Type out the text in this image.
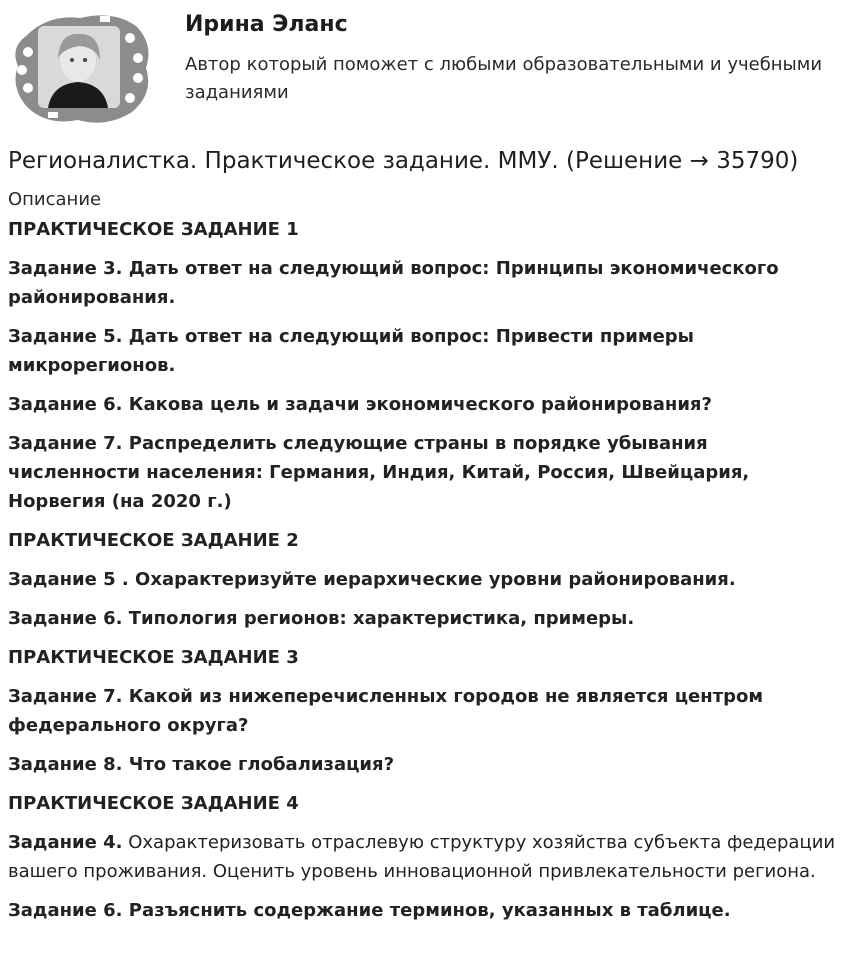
Ирина Эланс

Автор который поможет с любыми образовательными и учебными заданиями

Регионалистка. Практическое задание. ММУ. (Решение → 35790)
Описание

ПРАКТИЧЕСКОЕ ЗАДАНИЕ 1

Задание 3. Дать ответ на следующий вопрос: Принципы экономического районирования.

Задание 5. Дать ответ на следующий вопрос: Привести примеры микрорегионов.

Задание 6. Какова цель и задачи экономического районирования?

Задание 7. Распределить следующие страны в порядке убывания численности населения: Германия, Индия, Китай, Россия, Швейцария, Норвегия (на 2020 г.)

ПРАКТИЧЕСКОЕ ЗАДАНИЕ 2

Задание 5 . Охарактеризуйте иерархические уровни районирования.

Задание 6. Типология регионов: характеристика, примеры.

ПРАКТИЧЕСКОЕ ЗАДАНИЕ 3

Задание 7. Какой из нижеперечисленных городов не является центром федерального округа?

Задание 8. Что такое глобализация?

ПРАКТИЧЕСКОЕ ЗАДАНИЕ 4

Задание 4. Охарактеризовать отраслевую структуру хозяйства субъекта федерации вашего проживания. Оценить уровень инновационной привлекательности региона.

Задание 6. Разъяснить содержание терминов, указанных в таблице.
